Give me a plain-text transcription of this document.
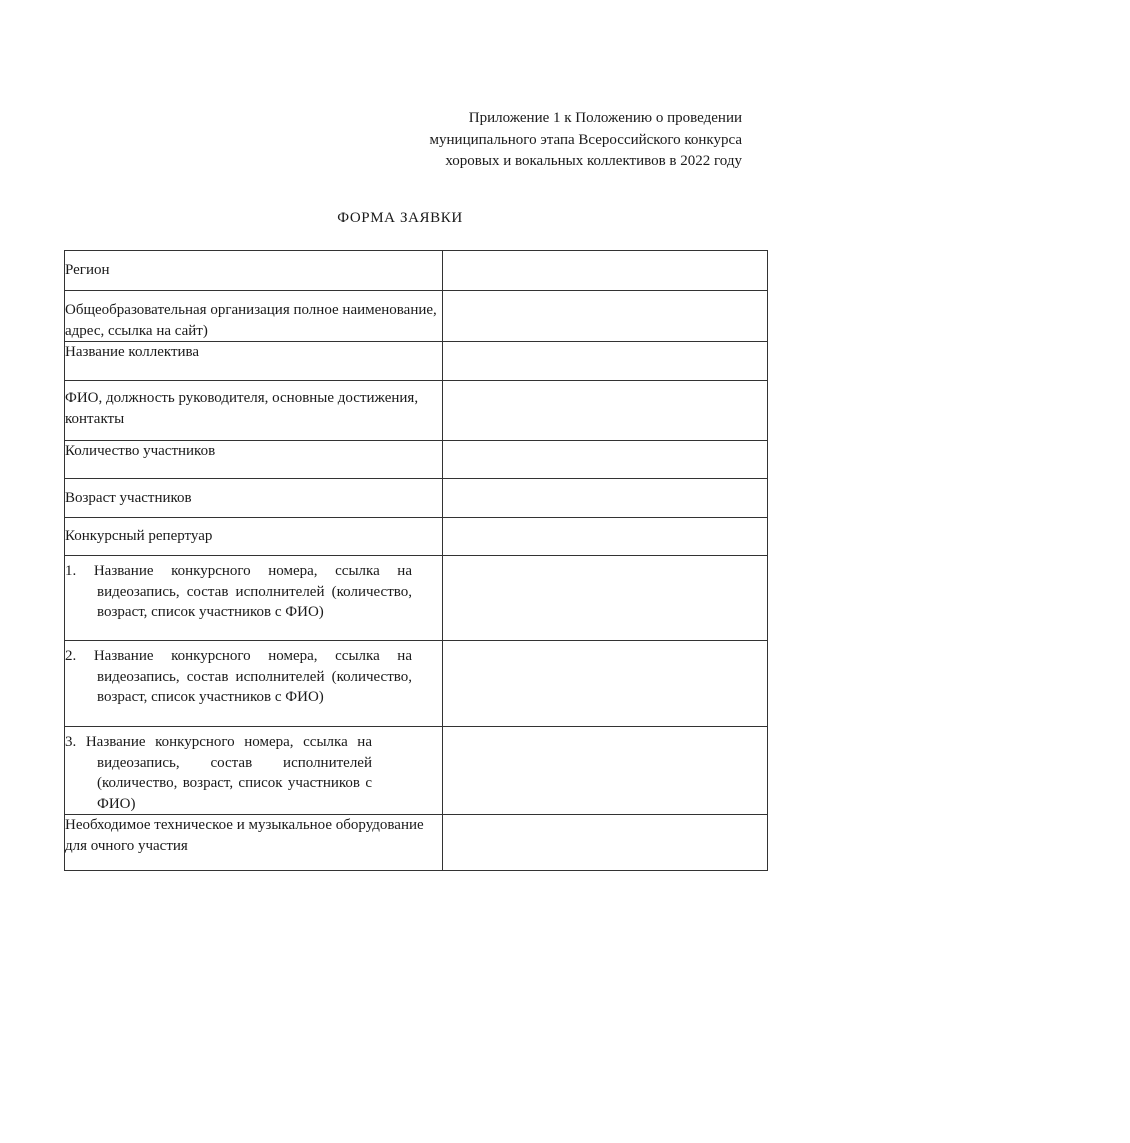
Приложение 1 к Положению о проведении
муниципального этапа Всероссийского конкурса
хоровых и вокальных коллективов в 2022 году
ФОРМА ЗАЯВКИ
Регион	
Общеобразовательная организация полное наименование, адрес, ссылка на сайт)	
Название коллектива	
ФИО, должность руководителя, основные достижения, контакты	
Количество участников	
Возраст участников	
Конкурсный репертуар	

1. Название конкурсного номера, ссылка на видеозапись, состав исполнителей (количество, возраст, список участников с ФИО)	

2. Название конкурсного номера, ссылка на видеозапись, состав исполнителей (количество, возраст, список участников с ФИО)	

3. Название конкурсного номера, ссылка на видеозапись, состав исполнителей (количество, возраст, список участников с ФИО)	

Необходимое техническое и музыкальное оборудование для очного участия	
